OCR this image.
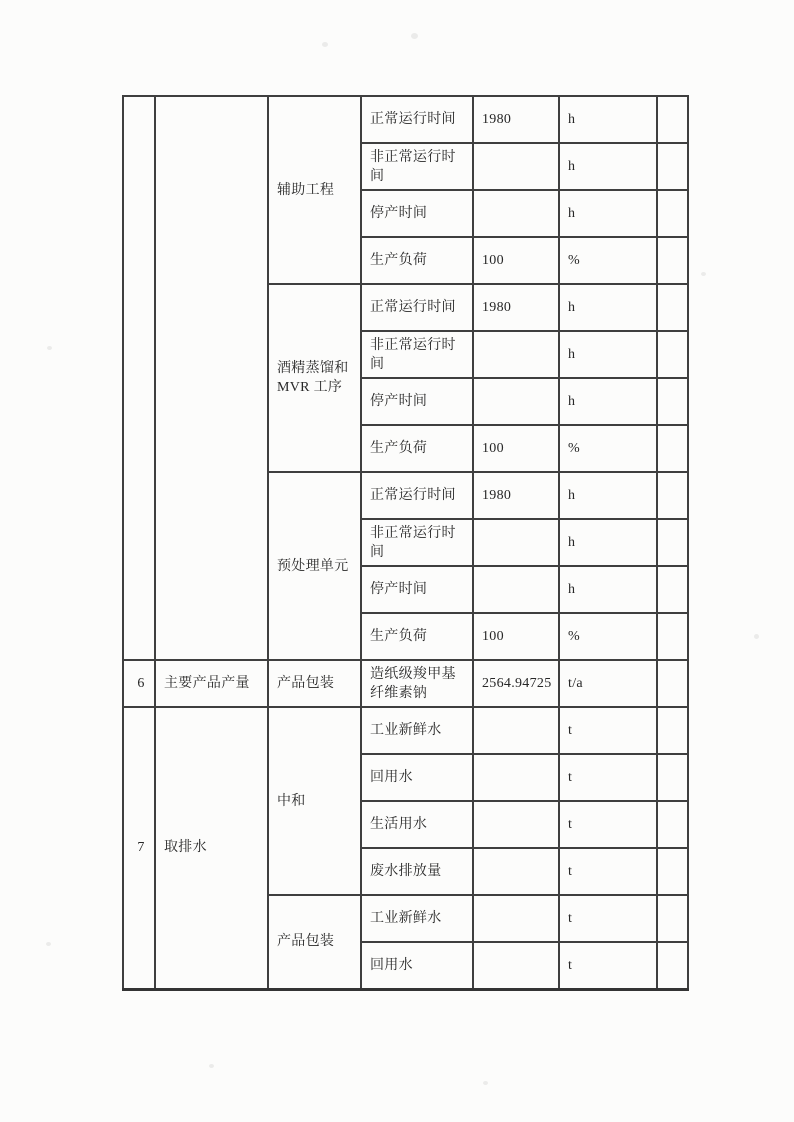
		辅助工程	正常运行时间	1980	h	
			非正常运行时间		h	
			停产时间		h	
			生产负荷	100	%	
		酒精蒸馏和 MVR 工序	正常运行时间	1980	h	
			非正常运行时间		h	
			停产时间		h	
			生产负荷	100	%	
		预处理单元	正常运行时间	1980	h	
			非正常运行时间		h	
			停产时间		h	
			生产负荷	100	%	
6	主要产品产量	产品包装	造纸级羧甲基纤维素钠	2564.94725	t/a	
7	取排水	中和	工业新鲜水		t	
			回用水		t	
			生活用水		t	
			废水排放量		t	
		产品包装	工业新鲜水		t	
			回用水		t	
